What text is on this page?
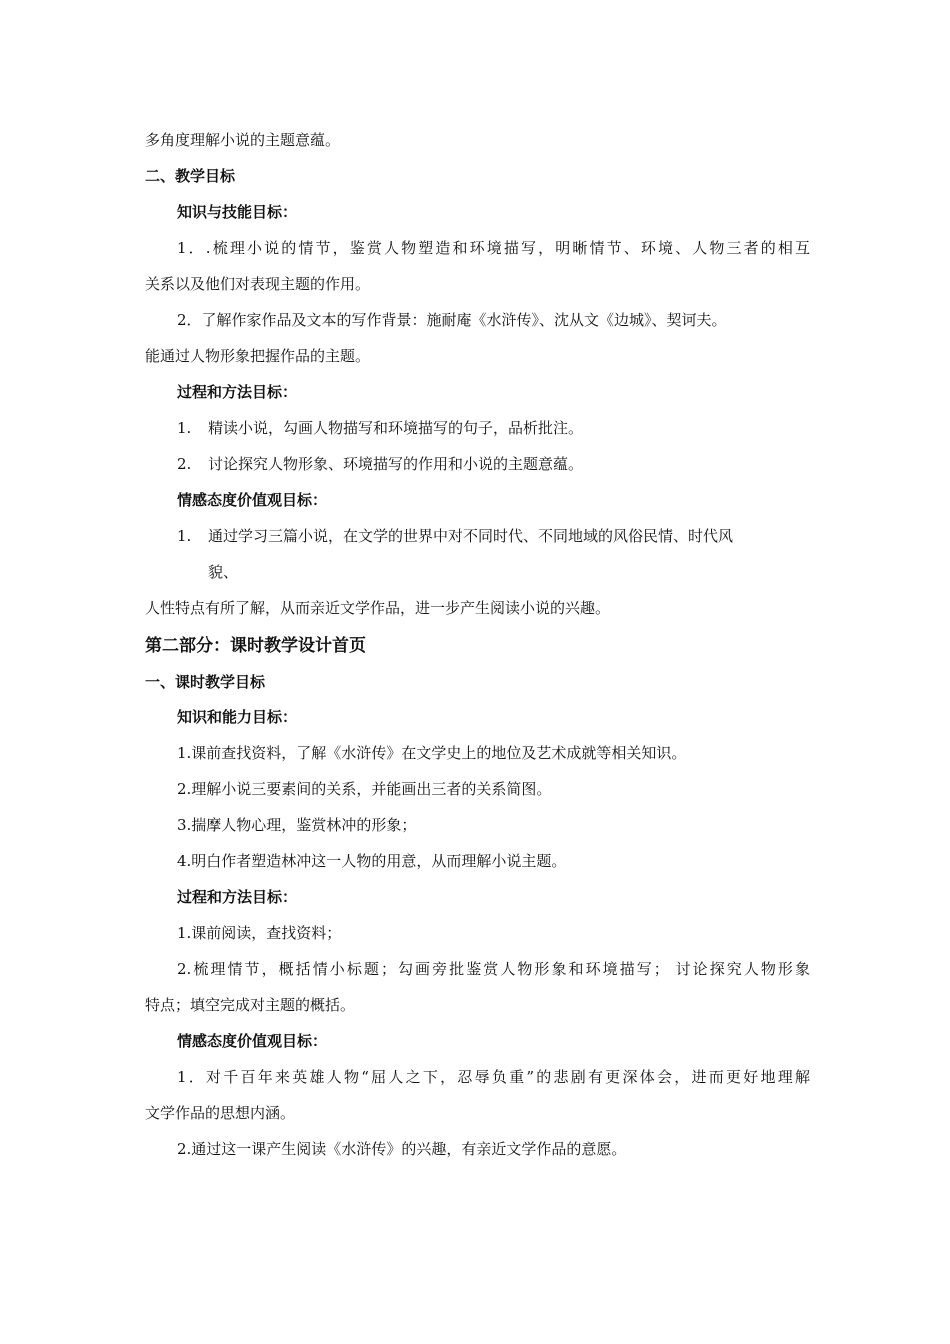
多角度理解小说的主题意蕴。
二、教学目标
知识与技能目标：
1．.梳理小说的情节，鉴赏人物塑造和环境描写，明晰情节、环境、人物三者的相互
关系以及他们对表现主题的作用。
2．了解作家作品及文本的写作背景：施耐庵《水浒传》、沈从文《边城》、契诃夫。
能通过人物形象把握作品的主题。
过程和方法目标：
1. 精读小说，勾画人物描写和环境描写的句子，品析批注。
2. 讨论探究人物形象、环境描写的作用和小说的主题意蕴。
情感态度价值观目标：
1. 通过学习三篇小说，在文学的世界中对不同时代、不同地域的风俗民情、时代风
貌、
人性特点有所了解，从而亲近文学作品，进一步产生阅读小说的兴趣。
第二部分：课时教学设计首页
一、课时教学目标
知识和能力目标：
1.课前查找资料，了解《水浒传》在文学史上的地位及艺术成就等相关知识。
2.理解小说三要素间的关系，并能画出三者的关系简图。
3.揣摩人物心理，鉴赏林冲的形象；
4.明白作者塑造林冲这一人物的用意，从而理解小说主题。
过程和方法目标：
1.课前阅读，查找资料；
2.梳理情节，概括情小标题；勾画旁批鉴赏人物形象和环境描写； 讨论探究人物形象
特点；填空完成对主题的概括。
情感态度价值观目标：
1．对千百年来英雄人物“屈人之下，忍辱负重”的悲剧有更深体会，进而更好地理解
文学作品的思想内涵。
2.通过这一课产生阅读《水浒传》的兴趣，有亲近文学作品的意愿。
